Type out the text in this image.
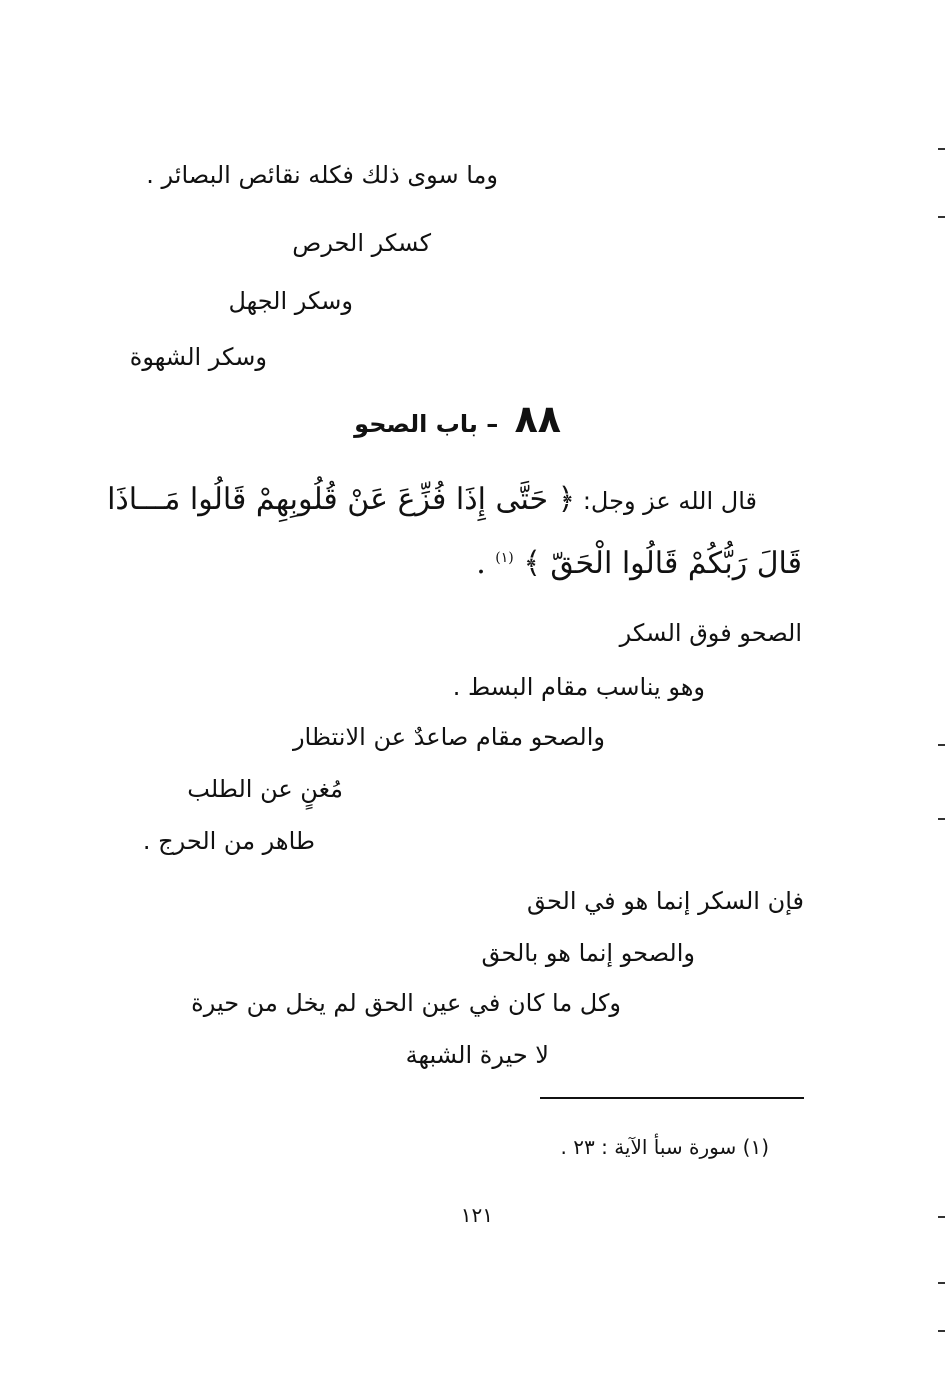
وما سوى ذلك فكله نقائص البصائر .
كسكر الحرص
وسكر الجهل
وسكر الشهوة
٨٨ – باب الصحو
قال الله عز وجل: ﴿ حَتَّى إِذَا فُزِّعَ عَنْ قُلُوبِهِمْ قَالُوا مَـــاذَا
قَالَ رَبُّكُمْ قَالُوا الْحَقّ ﴾ $^{(١)}$ .
الصحو فوق السكر
وهو يناسب مقام البسط .
والصحو مقام صاعدٌ عن الانتظار
مُغنٍ عن الطلب
طاهر من الحرج .
فإن السكر إنما هو في الحق
والصحو إنما هو بالحق
وكل ما كان في عين الحق لم يخل من حيرة
لا حيرة الشبهة
(١) سورة سبأ الآية : ٢٣ .
١٢١
